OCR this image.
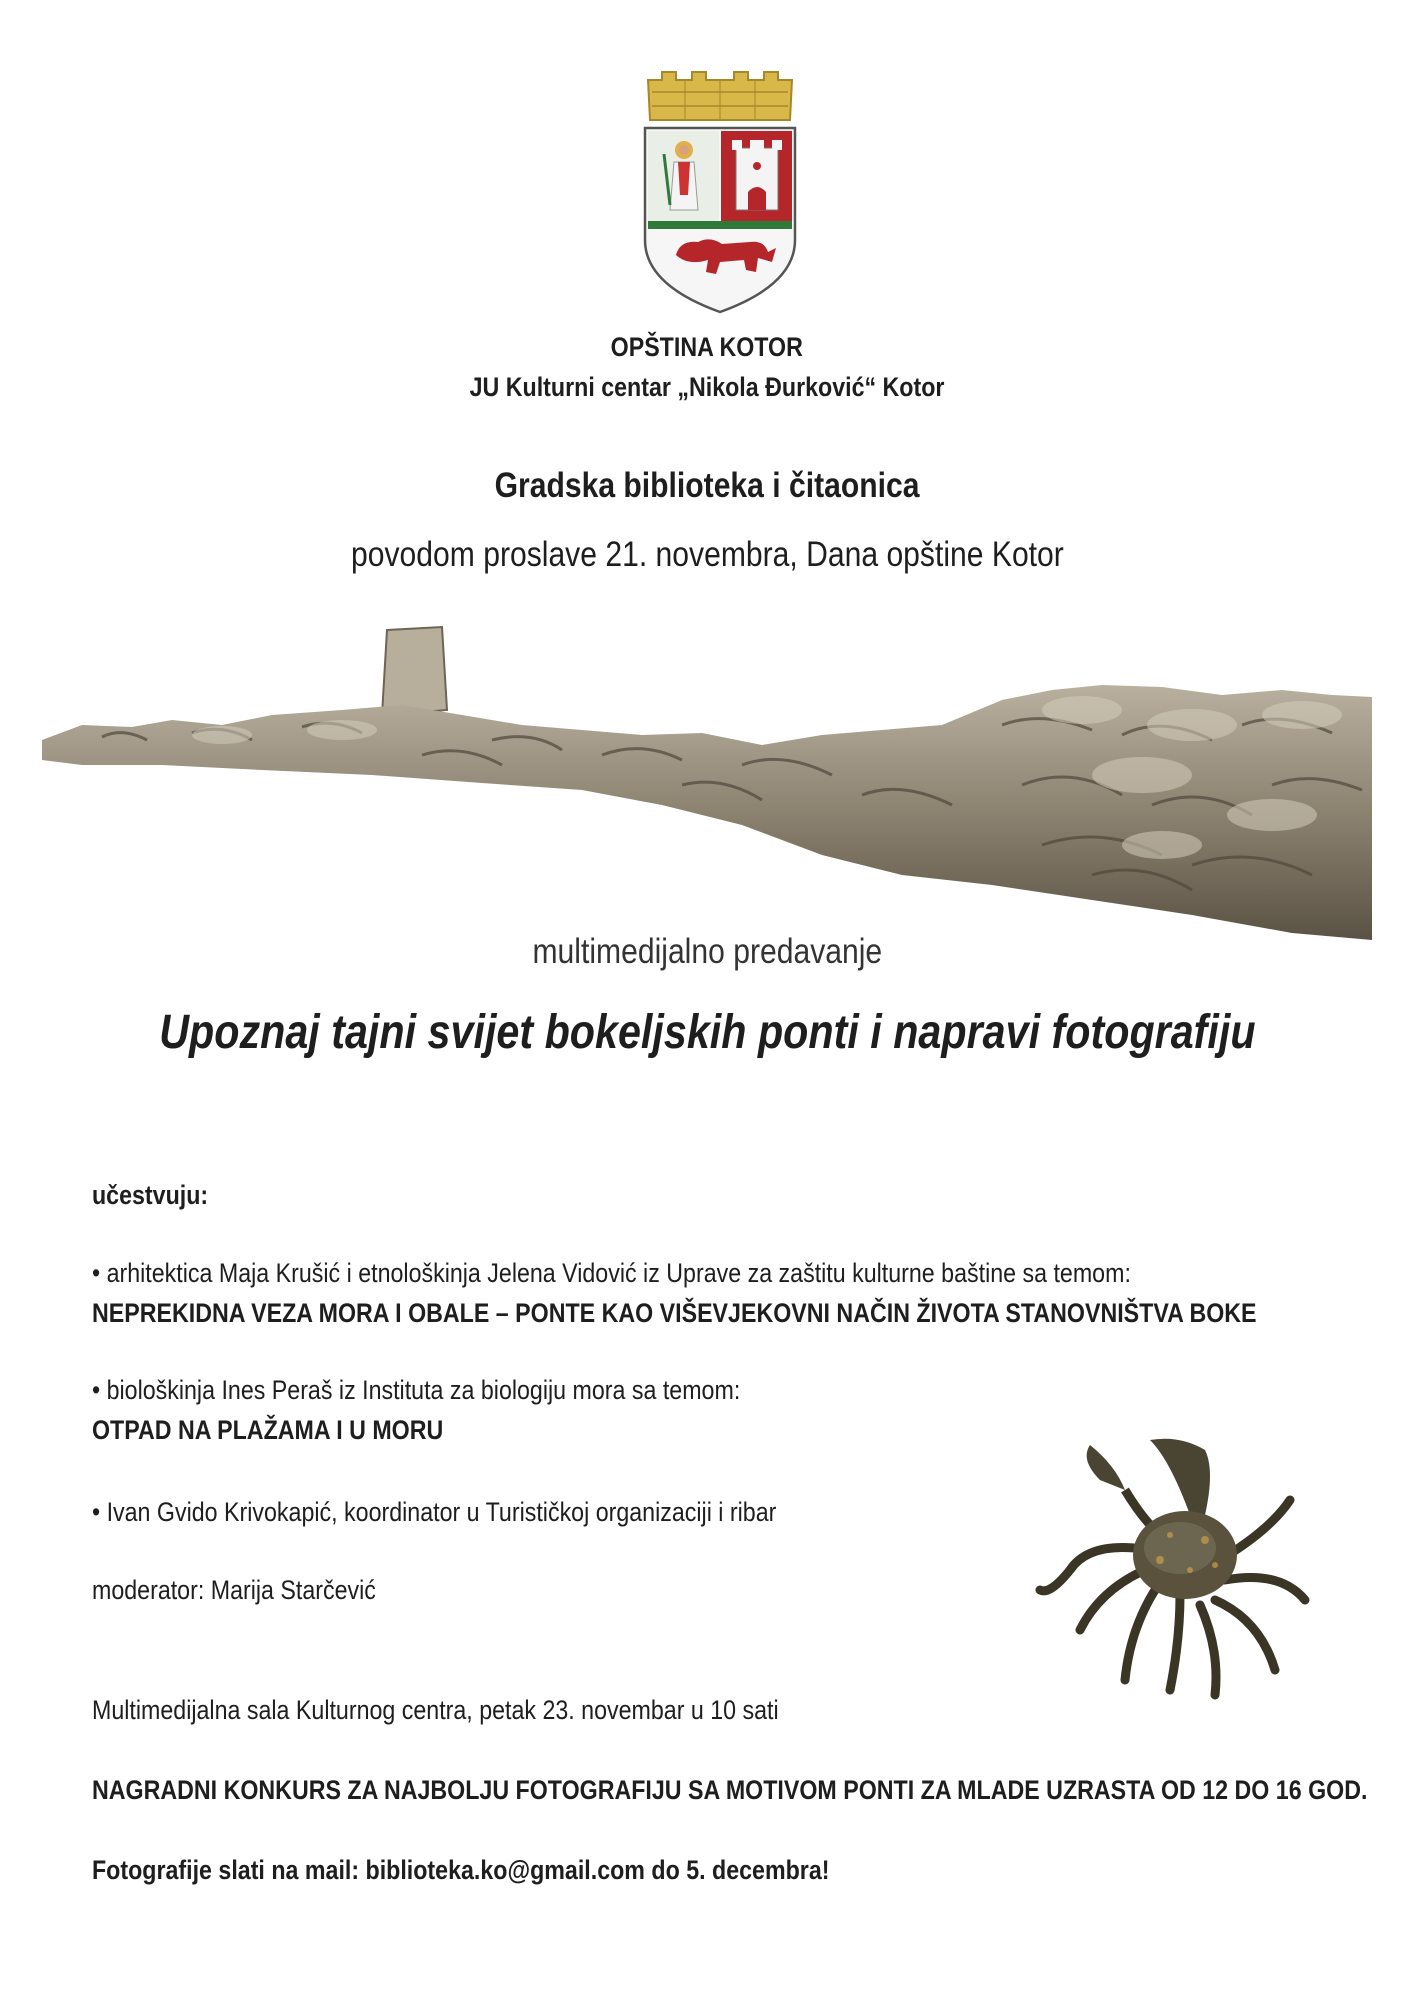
OPŠTINA KOTOR
JU Kulturni centar „Nikola Đurković“ Kotor
Gradska biblioteka i čitaonica
povodom proslave 21. novembra, Dana opštine Kotor
multimedijalno predavanje
Upoznaj tajni svijet bokeljskih ponti i napravi fotografiju
učestvuju:
• arhitektica Maja Krušić i etnološkinja Jelena Vidović iz Uprave za zaštitu kulturne baštine sa temom:
NEPREKIDNA VEZA MORA I OBALE – PONTE KAO VIŠEVJEKOVNI NAČIN ŽIVOTA STANOVNIŠTVA BOKE
• biološkinja Ines Peraš iz Instituta za biologiju mora sa temom:
OTPAD NA PLAŽAMA I U MORU
• Ivan Gvido Krivokapić, koordinator u Turističkoj organizaciji i ribar
moderator: Marija Starčević
Multimedijalna sala Kulturnog centra, petak 23. novembar u 10 sati
NAGRADNI KONKURS ZA NAJBOLJU FOTOGRAFIJU SA MOTIVOM PONTI ZA MLADE UZRASTA OD 12 DO 16 GOD.
Fotografije slati na mail: biblioteka.ko@gmail.com do 5. decembra!
